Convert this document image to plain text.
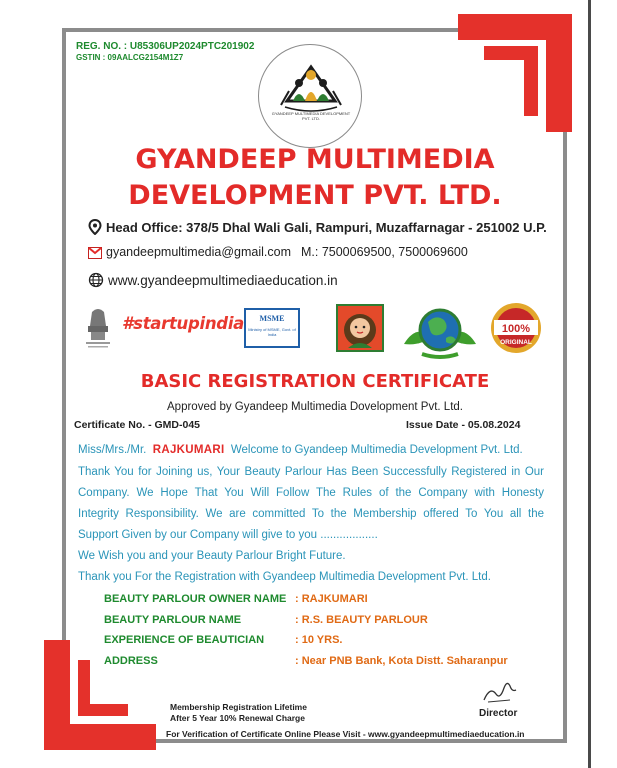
REG. NO. : U85306UP2024PTC201902
GSTIN : 09AALCG2154M1Z7
GYANDEEP MULTIMEDIA DEVELOPMENT PVT. LTD.
GYANDEEP MULTIMEDIA
DEVELOPMENT PVT. LTD.
Head Office: 378/5 Dhal Wali Gali, Rampuri, Muzaffarnagar - 251002 U.P.
gyandeepmultimedia@gmail.com M.: 7500069500, 7500069600
www.gyandeepmultimediaeducation.in
#startupindia	MSME
Ministry of MSME, Govt. of India	100%
ORIGINAL
BASIC REGISTRATION CERTIFICATE
Approved by Gyandeep Multimedia Dovelopment Pvt. Ltd.
Certificate No. - GMD-045	Issue Date - 05.08.2024
Miss/Mrs./Mr. RAJKUMARI Welcome to Gyandeep Multimedia Development Pvt. Ltd.
Thank You for Joining us, Your Beauty Parlour Has Been Successfully Registered in Our
Company. We Hope That You Will Follow The Rules of the Company with Honesty
Integrity Responsibility. We are committed To the Membership offered To You all the
Support Given by our Company will give to you ..................
We Wish you and your Beauty Parlour Bright Future.
Thank you For the Registration with Gyandeep Multimedia Development Pvt. Ltd.
BEAUTY PARLOUR OWNER NAME : RAJKUMARI
BEAUTY PARLOUR NAME	: R.S. BEAUTY PARLOUR
EXPERIENCE OF BEAUTICIAN	: 10 YRS.
ADDRESS	: Near PNB Bank, Kota Distt. Saharanpur
Membership Registration Lifetime
After 5 Year 10% Renewal Charge	Director
For Verification of Certificate Online Please Visit - www.gyandeepmultimediaeducation.in
